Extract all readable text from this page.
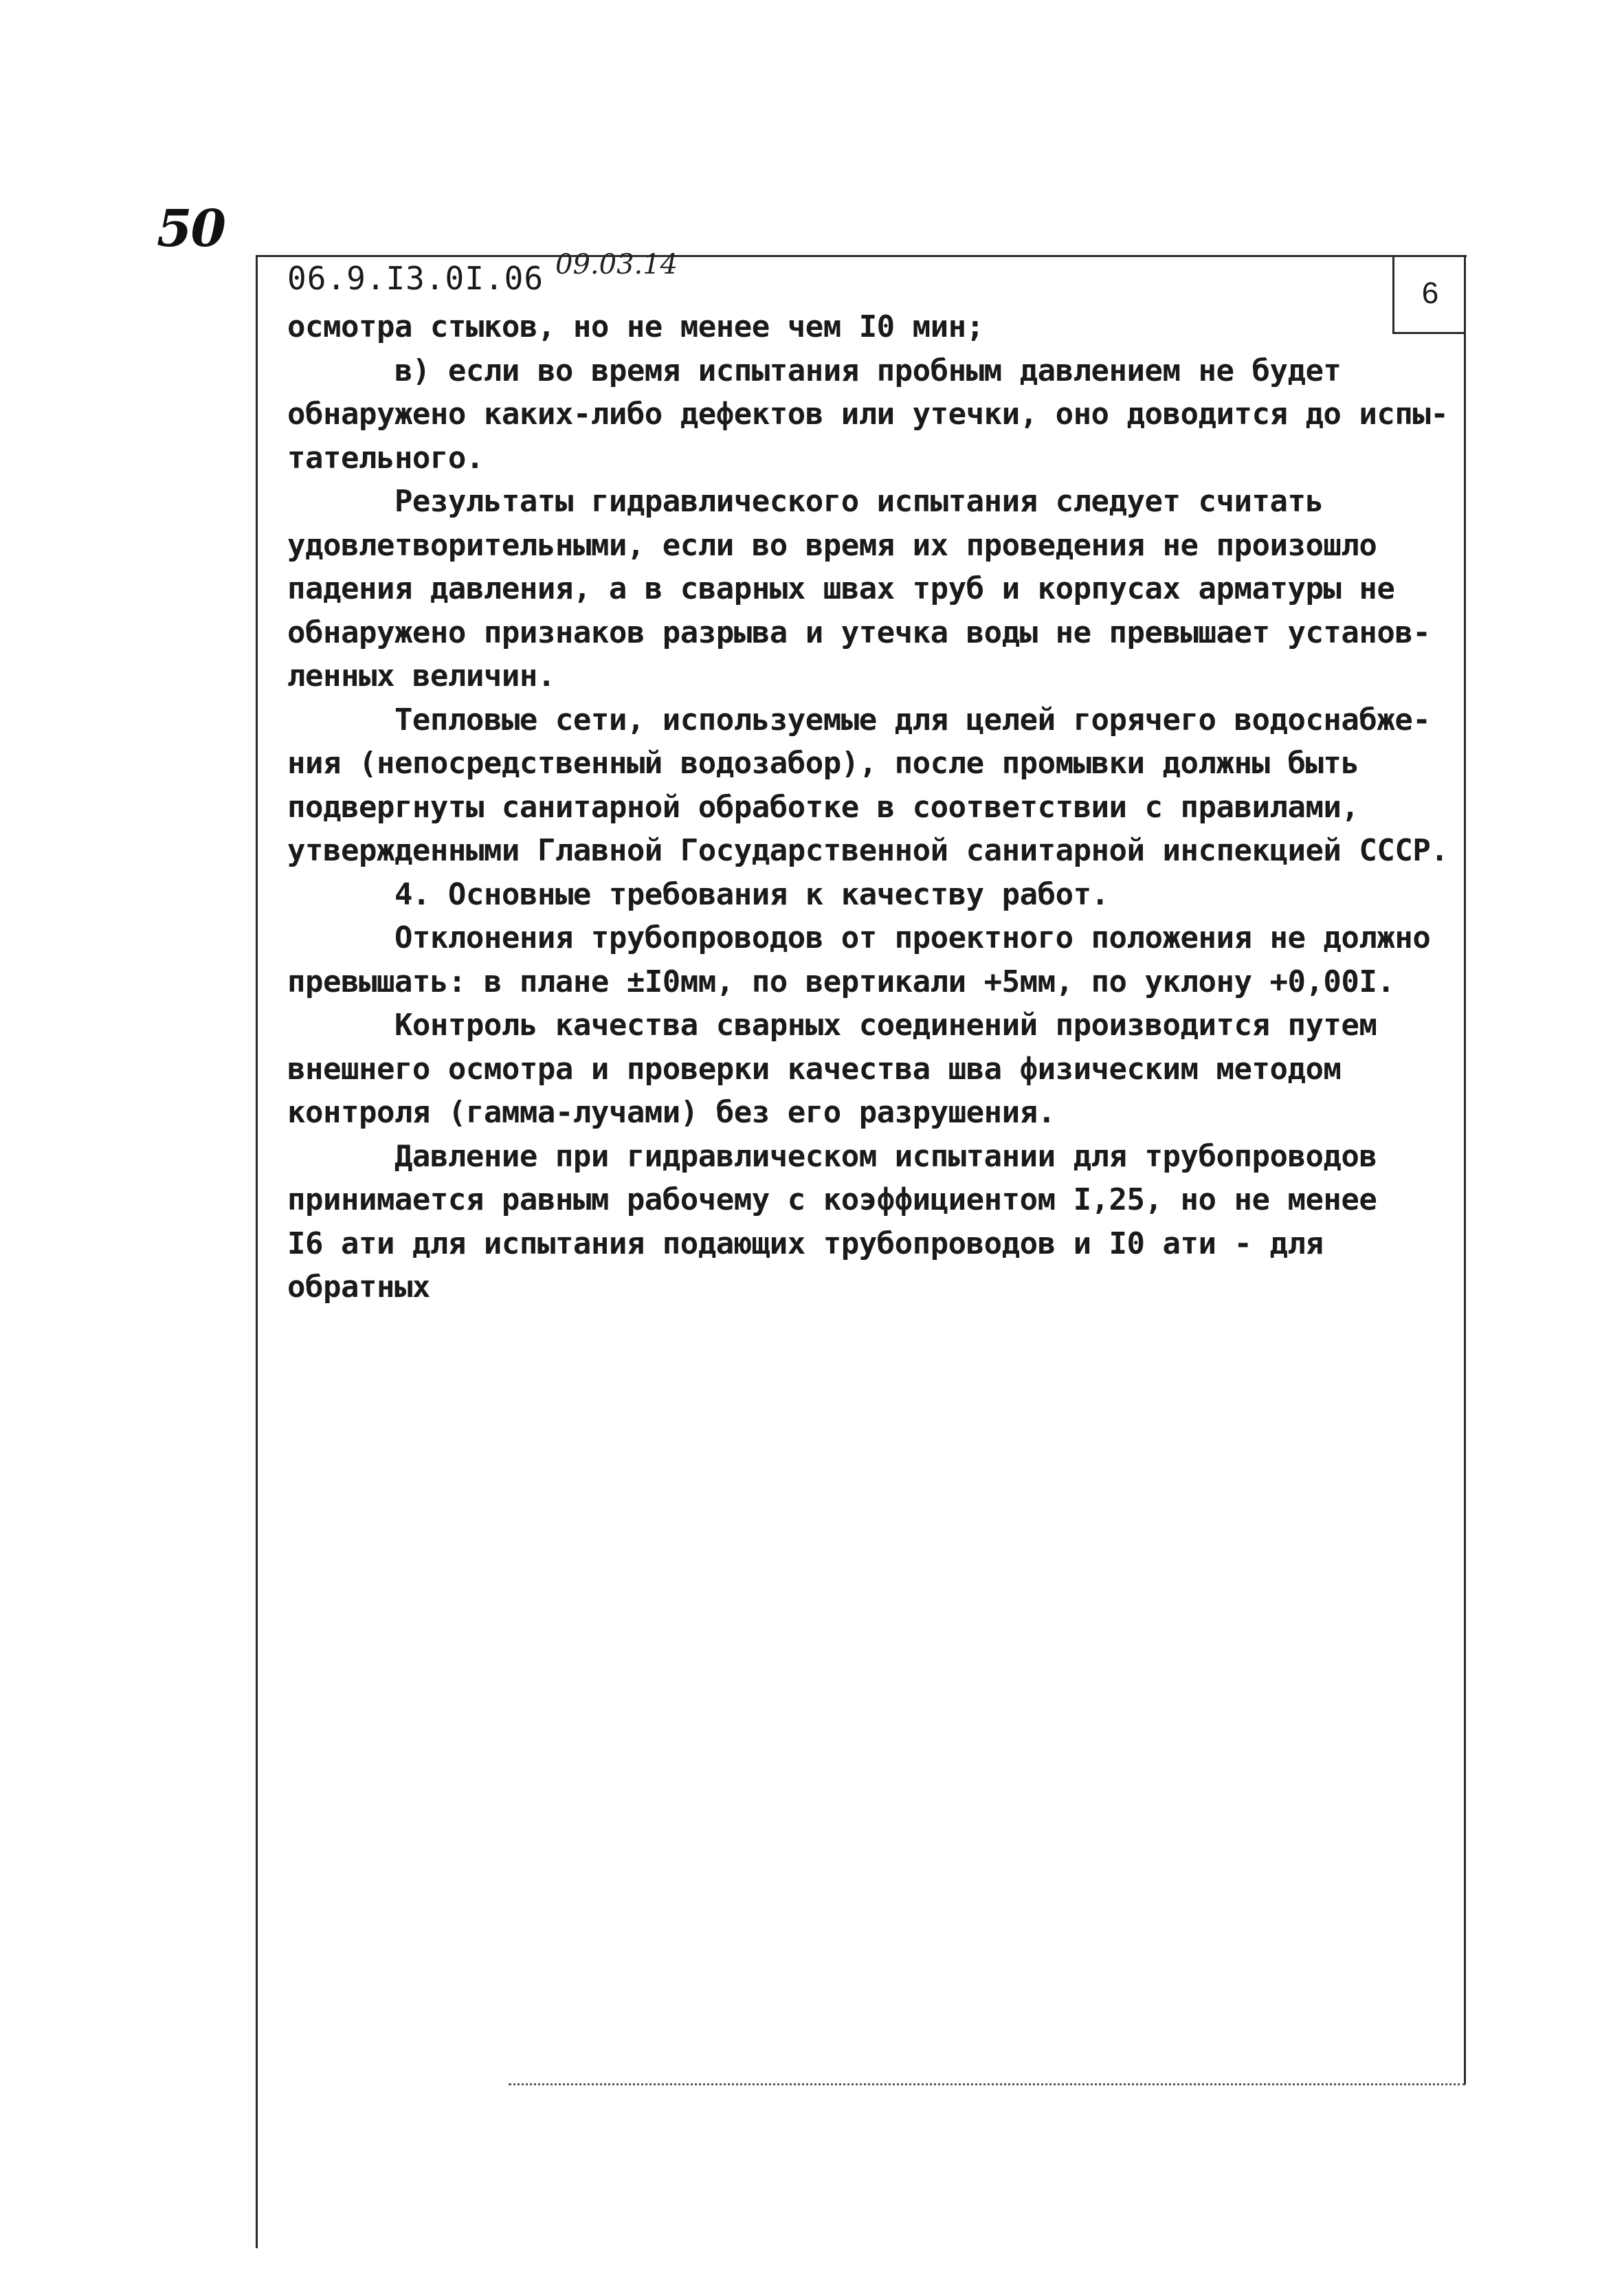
50
6
06.9.I3.0I.06 09.03.14
осмотра стыков, но не менее чем I0 мин;
в) если во время испытания пробным давлением не будет
обнаружено каких-либо дефектов или утечки, оно доводится до испы-
тательного.
Результаты гидравлического испытания следует считать
удовлетворительными, если во время их проведения не произошло
падения давления, а в сварных швах труб и корпусах арматуры не
обнаружено признаков разрыва и утечка воды не превышает установ-
ленных величин.
Тепловые сети, используемые для целей горячего водоснабже-
ния (непосредственный водозабор), после промывки должны быть
подвергнуты санитарной обработке в соответствии с правилами,
утвержденными Главной Государственной санитарной инспекцией СССР.
4. Основные требования к качеству работ.
Отклонения трубопроводов от проектного положения не должно
превышать: в плане ±I0мм, по вертикали +5мм, по уклону +0,00I.
Контроль качества сварных соединений производится путем
внешнего осмотра и проверки качества шва физическим методом
контроля (гамма-лучами) без его разрушения.
Давление при гидравлическом испытании для трубопроводов
принимается равным рабочему с коэффициентом I,25, но не менее
I6 ати для испытания подающих трубопроводов и I0 ати - для
обратных
